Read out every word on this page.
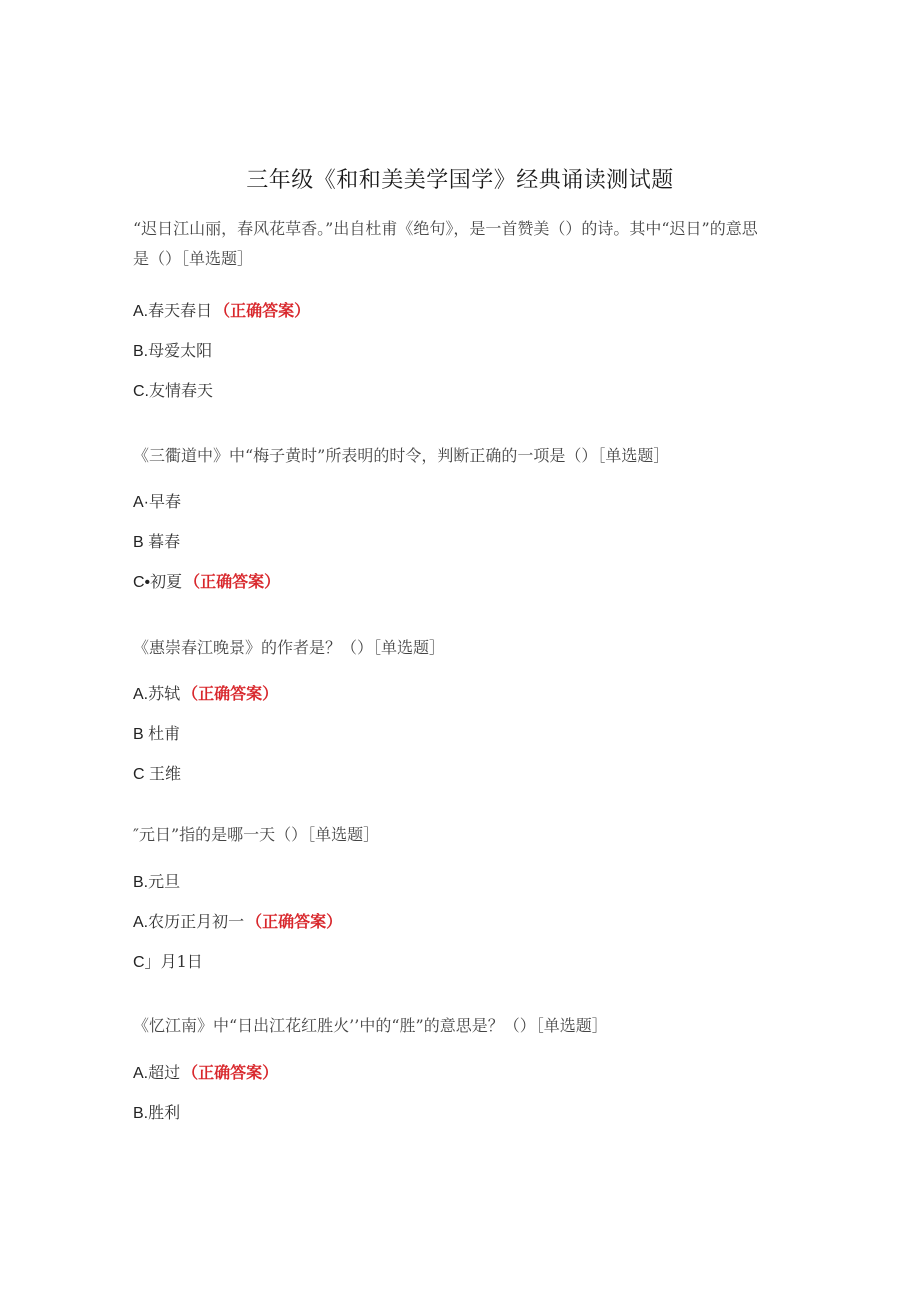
三年级《和和美美学国学》经典诵读测试题
“迟日江山丽，春风花草香。”出自杜甫《绝句》，是一首赞美（）的诗。其中“迟日”的意思是（）［单选题］
A.春天春日 （正确答案）
B.母爱太阳
C.友情春天
《三衢道中》中“梅子黄时”所表明的时令，判断正确的一项是（）［单选题］
A·早春
B 暮春
C•初夏 （正确答案）
《惠崇春江晚景》的作者是？（）［单选题］
A.苏轼 （正确答案）
B 杜甫
C 王维
″元日”指的是哪一天（）［单选题］
B.元旦
A.农历正月初一 （正确答案）
C」月1日
《忆江南》中“日出江花红胜火’’中的“胜”的意思是？（）［单选题］
A.超过 （正确答案）
B.胜利
